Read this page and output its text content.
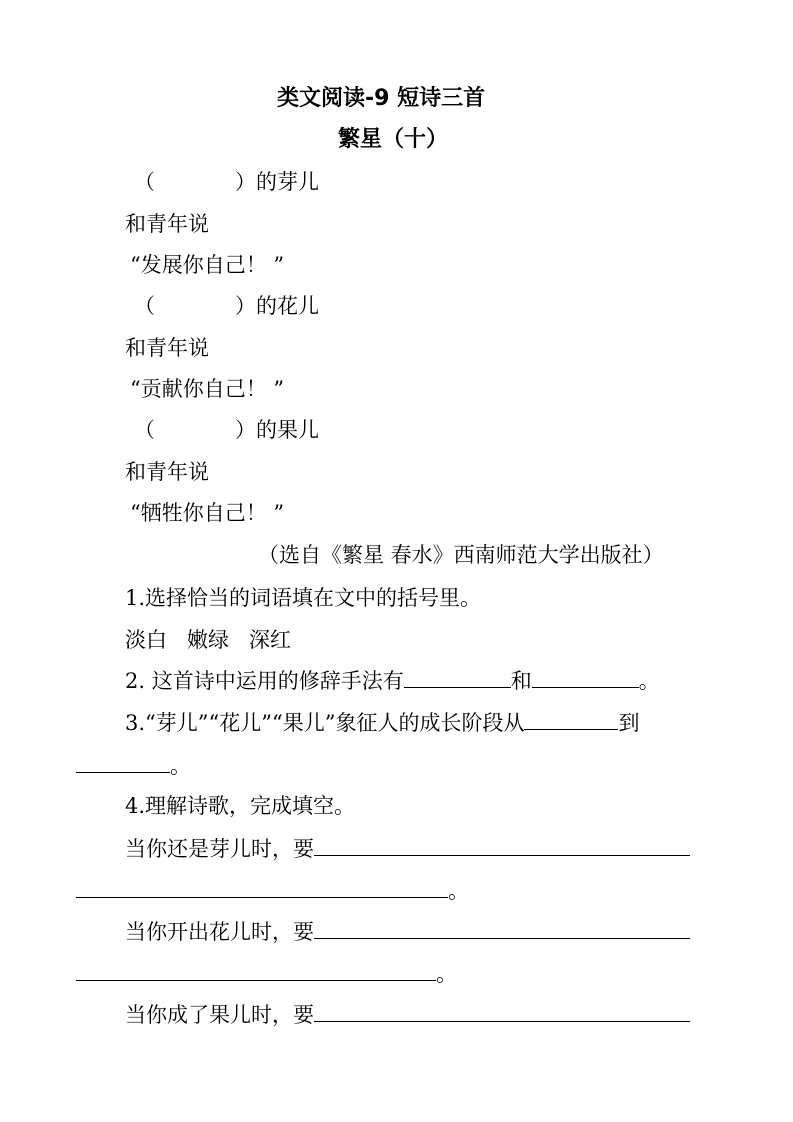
类文阅读-9 短诗三首
繁星（十）
（	）的芽儿
和青年说
“发展你自己！ ”
（	）的花儿
和青年说
“贡献你自己！ ”
（	）的果儿
和青年说
“牺牲你自己！ ”
（选自《繁星 春水》西南师范大学出版社）
1.选择恰当的词语填在文中的括号里。
淡白   嫩绿   深红
2. 这首诗中运用的修辞手法有	和	。
3.“芽儿”“花儿”“果儿”象征人的成长阶段从	到
。
4.理解诗歌，完成填空。
当你还是芽儿时，要
。
当你开出花儿时，要
。
当你成了果儿时，要
